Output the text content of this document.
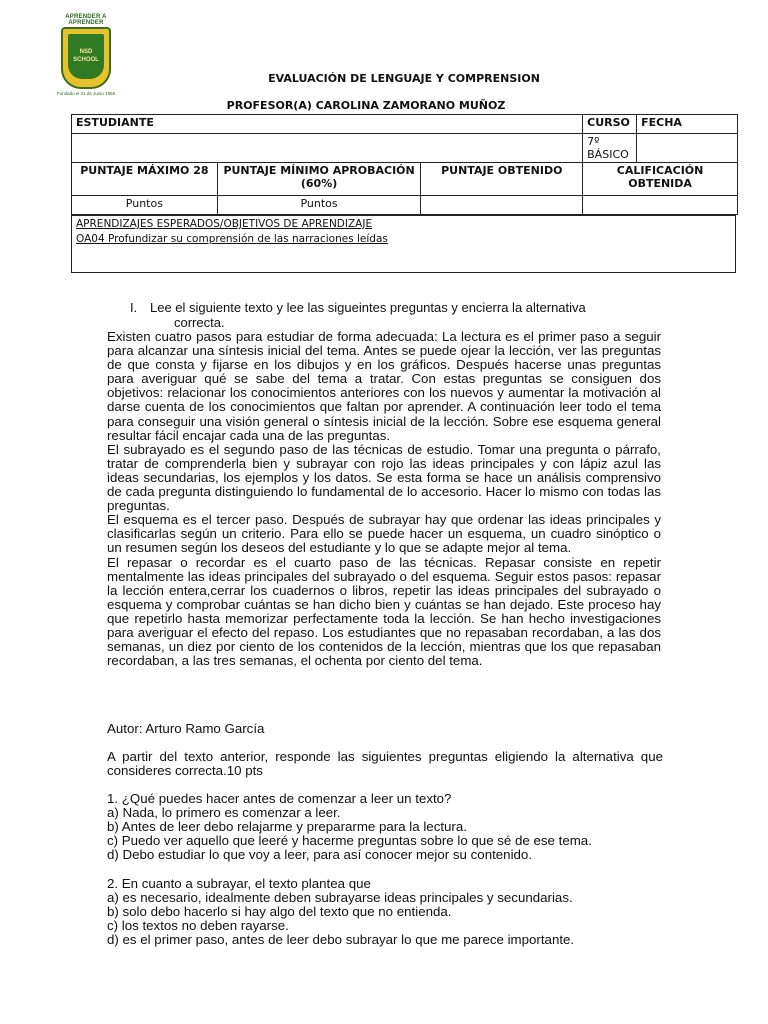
APRENDER A APRENDER
NSD
SCHOOL
Fundado el 21 de Junio 1955
EVALUACIÓN DE LENGUAJE Y COMPRENSION
PROFESOR(A) CAROLINA ZAMORANO MUÑOZ
ESTUDIANTE			CURSO	FECHA
			7º BÁSICO	
PUNTAJE MÁXIMO 28	PUNTAJE MÍNIMO APROBACIÓN (60%)	PUNTAJE OBTENIDO	CALIFICACIÓN OBTENIDA	
Puntos	Puntos			
APRENDIZAJES ESPERADOS/OBJETIVOS DE APRENDIZAJE
OA04 Profundizar su comprensión de las narraciones leídas
I. Lee el siguiente texto y lee las sigueintes preguntas y encierra la alternativa
correcta.

Existen cuatro pasos para estudiar de forma adecuada: La lectura es el primer paso a seguir para alcanzar una síntesis inicial del tema. Antes se puede ojear la lección, ver las preguntas de que consta y fijarse en los dibujos y en los gráficos. Después hacerse unas preguntas para averiguar qué se sabe del tema a tratar. Con estas preguntas se consiguen dos objetivos: relacionar los conocimientos anteriores con los nuevos y aumentar la motivación al darse cuenta de los conocimientos que faltan por aprender. A continuación leer todo el tema para conseguir una visión general o síntesis inicial de la lección. Sobre ese esquema general resultar fácil encajar cada una de las preguntas.

El subrayado es el segundo paso de las técnicas de estudio. Tomar una pregunta o párrafo, tratar de comprenderla bien y subrayar con rojo las ideas principales y con lápiz azul las ideas secundarias, los ejemplos y los datos. Se esta forma se hace un análisis comprensivo de cada pregunta distinguiendo lo fundamental de lo accesorio. Hacer lo mismo con todas las preguntas.

El esquema es el tercer paso. Después de subrayar hay que ordenar las ideas principales y clasificarlas según un criterio. Para ello se puede hacer un esquema, un cuadro sinóptico o un resumen según los deseos del estudiante y lo que se adapte mejor al tema.

El repasar o recordar es el cuarto paso de las técnicas. Repasar consiste en repetir mentalmente las ideas principales del subrayado o del esquema. Seguir estos pasos: repasar la lección entera,cerrar los cuadernos o libros, repetir las ideas principales del subrayado o esquema y comprobar cuántas se han dicho bien y cuántas se han dejado. Este proceso hay que repetirlo hasta memorizar perfectamente toda la lección. Se han hecho investigaciones para averiguar el efecto del repaso. Los estudiantes que no repasaban recordaban, a las dos semanas, un diez por ciento de los contenidos de la lección, mientras que los que repasaban recordaban, a las tres semanas, el ochenta por ciento del tema.

Autor: Arturo Ramo García
A partir del texto anterior, responde las siguientes preguntas eligiendo la alternativa que consideres correcta.10 pts

1. ¿Qué puedes hacer antes de comenzar a leer un texto?

a) Nada, lo primero es comenzar a leer.

b) Antes de leer debo relajarme y prepararme para la lectura.

c) Puedo ver aquello que leeré y hacerme preguntas sobre lo que sé de ese tema.

d) Debo estudiar lo que voy a leer, para así conocer mejor su contenido.

2. En cuanto a subrayar, el texto plantea que

a) es necesario, idealmente deben subrayarse ideas principales y secundarias.

b) solo debo hacerlo si hay algo del texto que no entienda.

c) los textos no deben rayarse.

d) es el primer paso, antes de leer debo subrayar lo que me parece importante.
